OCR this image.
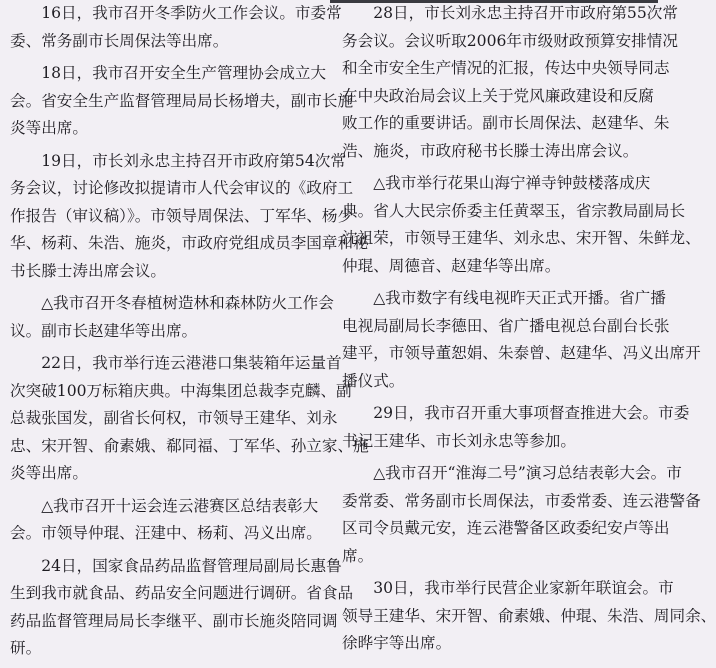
16日，我市召开冬季防火工作会议。市委常
委、常务副市长周保法等出席。
18日，我市召开安全生产管理协会成立大
会。省安全生产监督管理局局长杨增夫，副市长施
炎等出席。
19日，市长刘永忠主持召开市政府第54次常
务会议，讨论修改拟提请市人代会审议的《政府工
作报告（审议稿）》。市领导周保法、丁军华、杨少
华、杨莉、朱浩、施炎，市政府党组成员李国章和秘
书长滕士涛出席会议。
△我市召开冬春植树造林和森林防火工作会
议。副市长赵建华等出席。
22日，我市举行连云港港口集装箱年运量首
次突破100万标箱庆典。中海集团总裁李克麟、副
总裁张国发，副省长何权，市领导王建华、刘永
忠、宋开智、俞素娥、郗同福、丁军华、孙立家、施
炎等出席。
△我市召开十运会连云港赛区总结表彰大
会。市领导仲琨、汪建中、杨莉、冯义出席。
24日，国家食品药品监督管理局副局长惠鲁
生到我市就食品、药品安全问题进行调研。省食品
药品监督管理局局长李继平、副市长施炎陪同调
研。
28日，市长刘永忠主持召开市政府第55次常
务会议。会议听取2006年市级财政预算安排情况
和全市安全生产情况的汇报，传达中央领导同志
在中央政治局会议上关于党风廉政建设和反腐
败工作的重要讲话。副市长周保法、赵建华、朱
浩、施炎，市政府秘书长滕士涛出席会议。
△我市举行花果山海宁禅寺钟鼓楼落成庆
典。省人大民宗侨委主任黄翠玉，省宗教局副局长
沈祖荣，市领导王建华、刘永忠、宋开智、朱鲜龙、
仲琨、周德音、赵建华等出席。
△我市数字有线电视昨天正式开播。省广播
电视局副局长李德田、省广播电视总台副台长张
建平，市领导董恕娟、朱泰曾、赵建华、冯义出席开
播仪式。
29日，我市召开重大事项督查推进大会。市委
书记王建华、市长刘永忠等参加。
△我市召开“淮海二号”演习总结表彰大会。市
委常委、常务副市长周保法，市委常委、连云港警备
区司令员戴元安，连云港警备区政委纪安卢等出
席。
30日，我市举行民营企业家新年联谊会。市
领导王建华、宋开智、俞素娥、仲琨、朱浩、周同余、
徐晔宇等出席。
